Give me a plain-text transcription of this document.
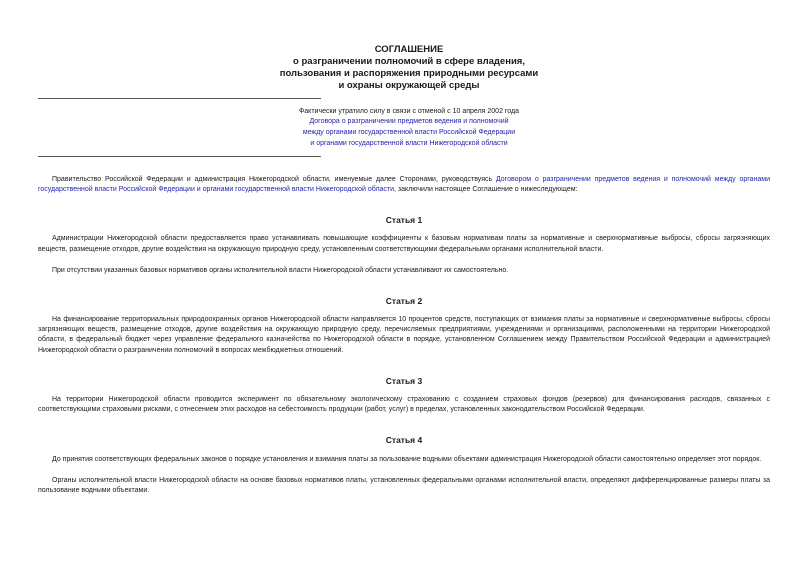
СОГЛАШЕНИЕ
о разграничении полномочий в сфере владения,
пользования и распоряжения природными ресурсами
и охраны окружающей среды
Фактически утратило силу в связи с отменой с 10 апреля 2002 года
Договора о разграничении предметов ведения и полномочий
между органами государственной власти Российской Федерации
и органами государственной власти Нижегородской области

Правительство Российской Федерации и администрация Нижегородской области, именуемые далее Сторонами, руководствуясь Договором о разграничении предметов ведения и полномочий между органами государственной власти Российской Федерации и органами государственной власти Нижегородской области, заключили настоящее Соглашение о нижеследующем:

Статья 1

Администрации Нижегородской области предоставляется право устанавливать повышающие коэффициенты к базовым нормативам платы за нормативные и сверхнормативные выбросы, сбросы загрязняющих веществ, размещение отходов, другие воздействия на окружающую природную среду, установленным соответствующими федеральными органами исполнительной власти.

При отсутствии указанных базовых нормативов органы исполнительной власти Нижегородской области устанавливают их самостоятельно.

Статья 2

На финансирование территориальных природоохранных органов Нижегородской области направляется 10 процентов средств, поступающих от взимания платы за нормативные и сверхнормативные выбросы, сбросы загрязняющих веществ, размещение отходов, другие воздействия на окружающую природную среду, перечисляемых предприятиями, учреждениями и организациями, расположенными на территории Нижегородской области, в федеральный бюджет через управление федерального казначейства по Нижегородской области в порядке, установленном Соглашением между Правительством Российской Федерации и администрацией Нижегородской области о разграничении полномочий в вопросах межбюджетных отношений.

Статья 3

На территории Нижегородской области проводится эксперимент по обязательному экологическому страхованию с созданием страховых фондов (резервов) для финансирования расходов, связанных с соответствующими страховыми рисками, с отнесением этих расходов на себестоимость продукции (работ, услуг) в пределах, установленных законодательством Российской Федерации.

Статья 4

До принятия соответствующих федеральных законов о порядке установления и взимания платы за пользование водными объектами администрация Нижегородской области самостоятельно определяет этот порядок.

Органы исполнительной власти Нижегородской области на основе базовых нормативов платы, установленных федеральными органами исполнительной власти, определяют дифференцированные размеры платы за пользование водными объектами.
